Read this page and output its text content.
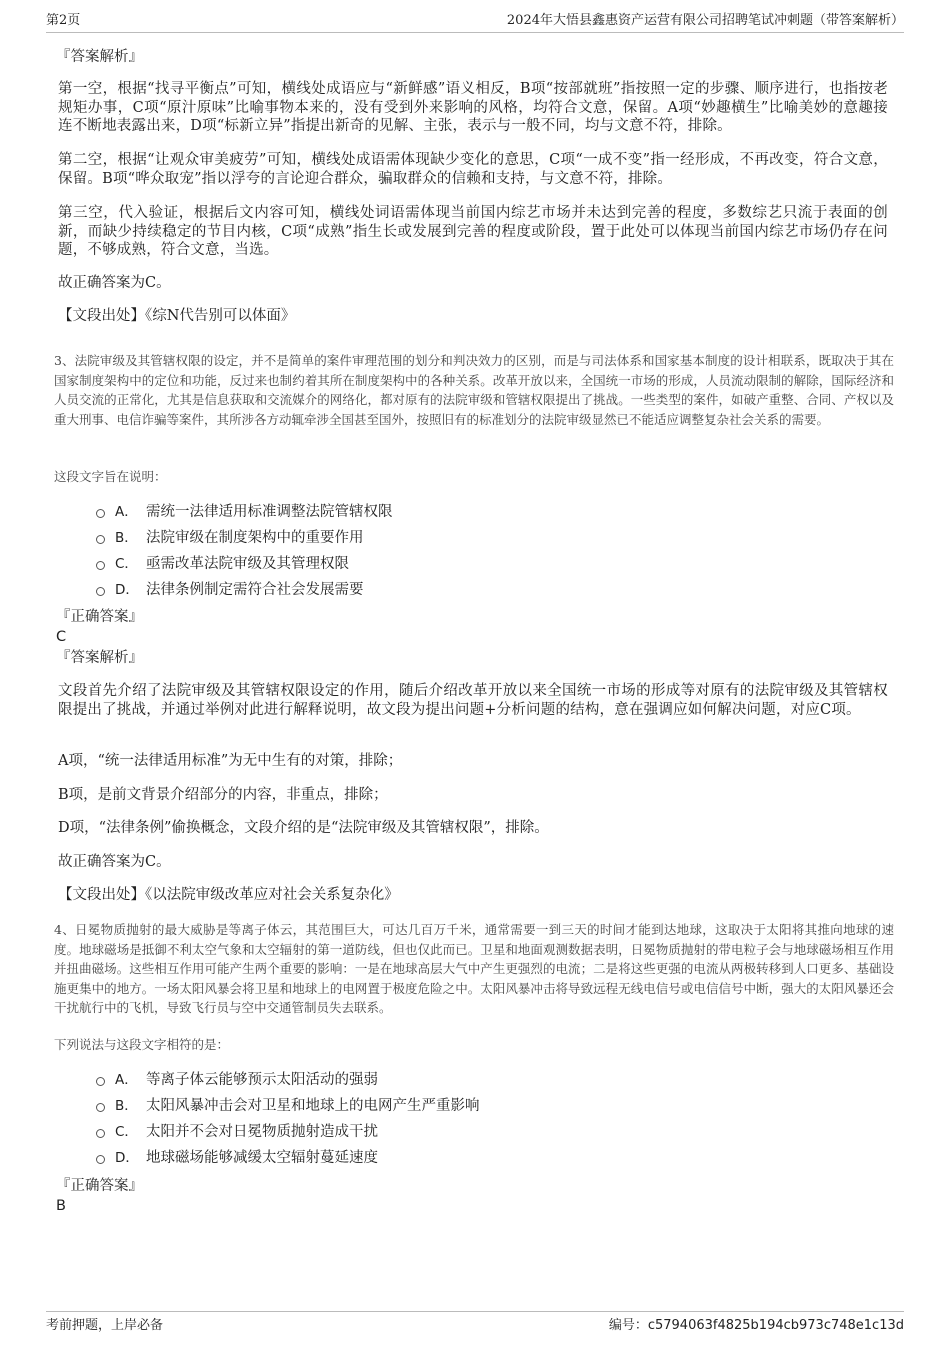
第2页	2024年大悟县鑫惠资产运营有限公司招聘笔试冲刺题（带答案解析）
『答案解析』

第一空，根据“找寻平衡点”可知，横线处成语应与“新鲜感”语义相反，B项“按部就班”指按照一定的步骤、顺序进行，也指按老规矩办事，C项“原汁原味”比喻事物本来的，没有受到外来影响的风格，均符合文意，保留。A项“妙趣横生”比喻美妙的意趣接连不断地表露出来，D项“标新立异”指提出新奇的见解、主张，表示与一般不同，均与文意不符，排除。

第二空，根据“让观众审美疲劳”可知，横线处成语需体现缺少变化的意思，C项“一成不变”指一经形成，不再改变，符合文意，保留。B项“哗众取宠”指以浮夸的言论迎合群众，骗取群众的信赖和支持，与文意不符，排除。

第三空，代入验证，根据后文内容可知，横线处词语需体现当前国内综艺市场并未达到完善的程度，多数综艺只流于表面的创新，而缺少持续稳定的节目内核，C项“成熟”指生长或发展到完善的程度或阶段，置于此处可以体现当前国内综艺市场仍存在问题，不够成熟，符合文意，当选。

故正确答案为C。
【文段出处】《综N代告别可以体面》

3、法院审级及其管辖权限的设定，并不是简单的案件审理范围的划分和判决效力的区别，而是与司法体系和国家基本制度的设计相联系，既取决于其在国家制度架构中的定位和功能，反过来也制约着其所在制度架构中的各种关系。改革开放以来，全国统一市场的形成，人员流动限制的解除，国际经济和人员交流的正常化，尤其是信息获取和交流媒介的网络化，都对原有的法院审级和管辖权限提出了挑战。一些类型的案件，如破产重整、合同、产权以及重大刑事、电信诈骗等案件，其所涉各方动辄牵涉全国甚至国外，按照旧有的标准划分的法院审级显然已不能适应调整复杂社会关系的需要。

这段文字旨在说明：
A． 需统一法律适用标准调整法院管辖权限
B． 法院审级在制度架构中的重要作用
C． 亟需改革法院审级及其管理权限
D． 法律条例制定需符合社会发展需要
『正确答案』
C
『答案解析』

文段首先介绍了法院审级及其管辖权限设定的作用，随后介绍改革开放以来全国统一市场的形成等对原有的法院审级及其管辖权限提出了挑战，并通过举例对此进行解释说明，故文段为提出问题+分析问题的结构，意在强调应如何解决问题，对应C项。

A项，“统一法律适用标准”为无中生有的对策，排除；
B项，是前文背景介绍部分的内容，非重点，排除；
D项，“法律条例”偷换概念，文段介绍的是“法院审级及其管辖权限”，排除。
故正确答案为C。
【文段出处】《以法院审级改革应对社会关系复杂化》

4、日冕物质抛射的最大威胁是等离子体云，其范围巨大，可达几百万千米，通常需要一到三天的时间才能到达地球，这取决于太阳将其推向地球的速度。地球磁场是抵御不利太空气象和太空辐射的第一道防线，但也仅此而已。卫星和地面观测数据表明，日冕物质抛射的带电粒子会与地球磁场相互作用并扭曲磁场。这些相互作用可能产生两个重要的影响：一是在地球高层大气中产生更强烈的电流；二是将这些更强的电流从两极转移到人口更多、基础设施更集中的地方。一场太阳风暴会将卫星和地球上的电网置于极度危险之中。太阳风暴冲击将导致远程无线电信号或电信信号中断，强大的太阳风暴还会干扰航行中的飞机，导致飞行员与空中交通管制员失去联系。

下列说法与这段文字相符的是：
A． 等离子体云能够预示太阳活动的强弱
B． 太阳风暴冲击会对卫星和地球上的电网产生严重影响
C． 太阳并不会对日冕物质抛射造成干扰
D． 地球磁场能够减缓太空辐射蔓延速度
『正确答案』
B
考前押题，上岸必备	编号：c5794063f4825b194cb973c748e1c13d
